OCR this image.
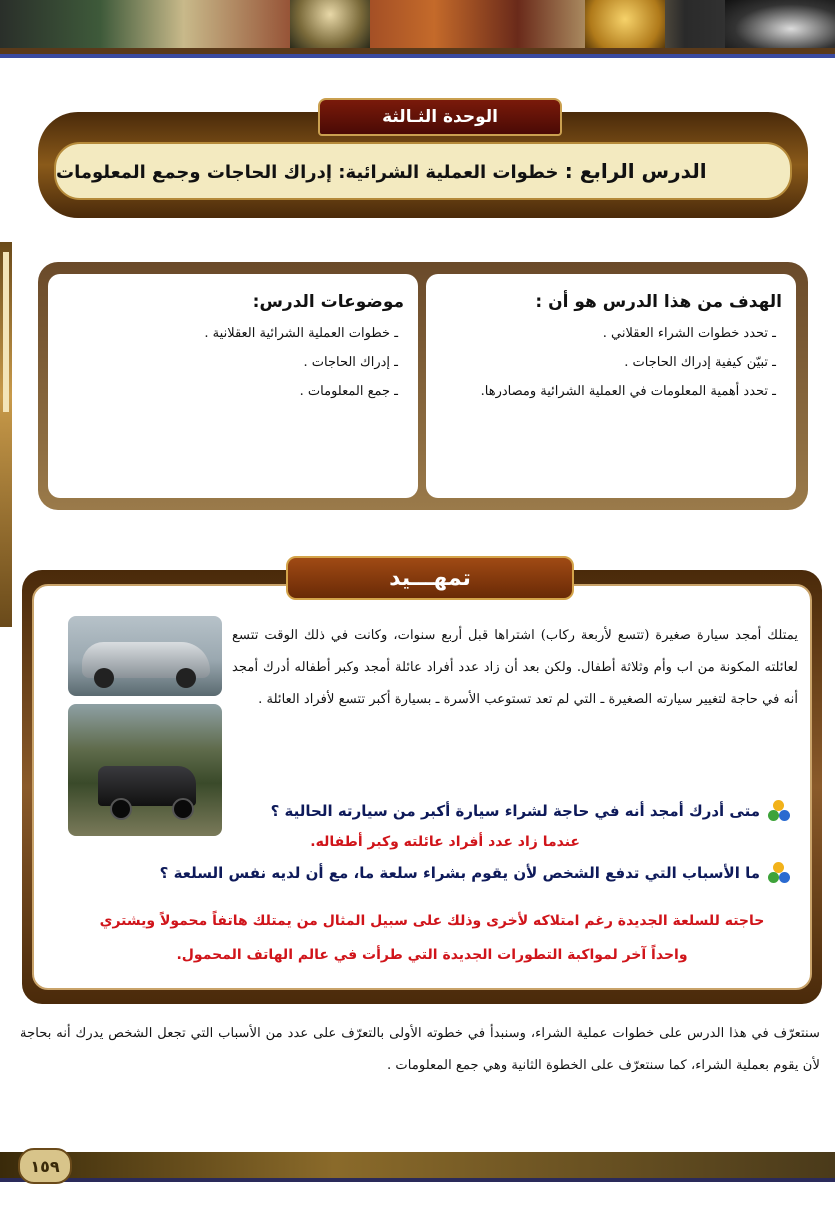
الوحدة الثـالثة
الدرس الرابع : خطوات العملية الشرائية: إدراك الحاجات وجمع المعلومات
الهدف من هذا الدرس هو أن :
ـ تحدد خطوات الشراء العقلاني .
ـ تبيّن كيفية إدراك الحاجات .
ـ تحدد أهمية المعلومات في العملية الشرائية ومصادرها.
موضوعات الدرس:
ـ خطوات العملية الشرائية العقلانية .
ـ إدراك الحاجات .
ـ جمع المعلومات .
يمتلك أمجد سيارة صغيرة (تتسع لأربعة ركاب) اشتراها قبل أربع سنوات، وكانت في ذلك الوقت تتسع لعائلته المكونة من اب وأم وثلاثة أطفال. ولكن بعد أن زاد عدد أفراد عائلة أمجد وكبر أطفاله أدرك أمجد أنه في حاجة لتغيير سيارته الصغيرة ـ التي لم تعد تستوعب الأسرة ـ بسيارة أكبر تتسع لأفراد العائلة .
متى أدرك أمجد أنه في حاجة لشراء سيارة أكبر من سيارته الحالية ؟
عندما زاد عدد أفراد عائلته وكبر أطفاله.
ما الأسباب التي تدفع الشخص لأن يقوم بشراء سلعة ما، مع أن لديه نفس السلعة ؟
حاجته للسلعة الجديدة رغم امتلاكه لأخرى وذلك على سبيل المثال من يمتلك هاتفاً محمولاً ويشتري واحداً آخر لمواكبة التطورات الجديدة التي طرأت في عالم الهاتف المحمول.
تمهـــيد
سنتعرّف في هذا الدرس على خطوات عملية الشراء، وسنبدأ في خطوته الأولى بالتعرّف على عدد من الأسباب التي تجعل الشخص يدرك أنه بحاجة لأن يقوم بعملية الشراء، كما سنتعرّف على الخطوة الثانية وهي جمع المعلومات .
١٥٩
